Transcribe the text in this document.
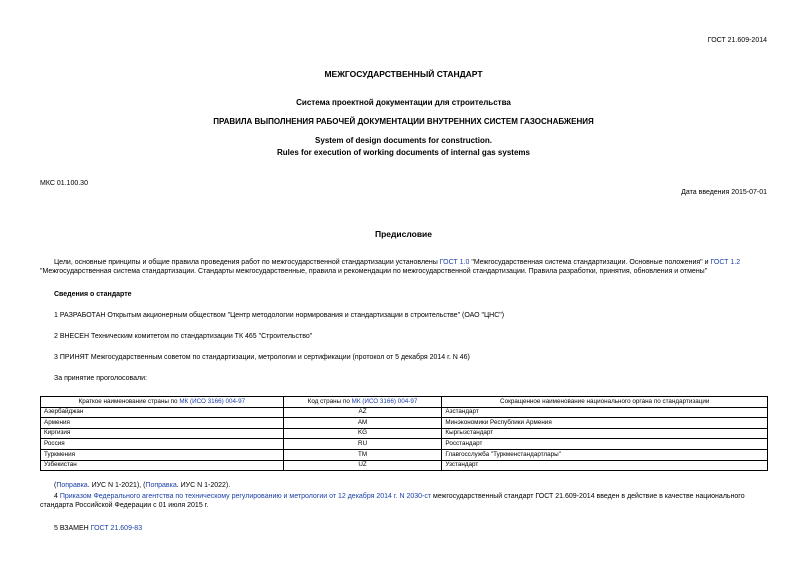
ГОСТ 21.609-2014
МЕЖГОСУДАРСТВЕННЫЙ СТАНДАРТ
Система проектной документации для строительства
ПРАВИЛА ВЫПОЛНЕНИЯ РАБОЧЕЙ ДОКУМЕНТАЦИИ ВНУТРЕННИХ СИСТЕМ ГАЗОСНАБЖЕНИЯ
System of design documents for construction.
Rules for execution of working documents of internal gas systems
МКС 01.100.30
Дата введения 2015-07-01
Предисловие
Цели, основные принципы и общие правила проведения работ по межгосударственной стандартизации установлены ГОСТ 1.0 "Межгосударственная система стандартизации. Основные положения" и ГОСТ 1.2 "Межгосударственная система стандартизации. Стандарты межгосударственные, правила и рекомендации по межгосударственной стандартизации. Правила разработки, принятия, обновления и отмены"
Сведения о стандарте
1 РАЗРАБОТАН Открытым акционерным обществом "Центр методологии нормирования и стандартизации в строительстве" (ОАО "ЦНС")
2 ВНЕСЕН Техническим комитетом по стандартизации ТК 465 "Строительство"
3 ПРИНЯТ Межгосударственным советом по стандартизации, метрологии и сертификации (протокол от 5 декабря 2014 г. N 46)
За принятие проголосовали:
Краткое наименование страны по МК (ИСО 3166) 004-97	Код страны по МК (ИСО 3166) 004-97	Сокращенное наименование национального органа по стандартизации
Азербайджан	AZ	Азстандарт
Армения	AM	Минэкономики Республики Армения
Киргизия	KG	Кыргызстандарт
Россия	RU	Росстандарт
Туркмения	TM	Главгосслужба "Туркменстандартлары"
Узбекистан	UZ	Узстандарт
(Поправка. ИУС N 1-2021), (Поправка. ИУС N 1-2022).
4 Приказом Федерального агентства по техническому регулированию и метрологии от 12 декабря 2014 г. N 2030-ст межгосударственный стандарт ГОСТ 21.609-2014 введен в действие в качестве национального стандарта Российской Федерации с 01 июля 2015 г.
5 ВЗАМЕН ГОСТ 21.609-83
